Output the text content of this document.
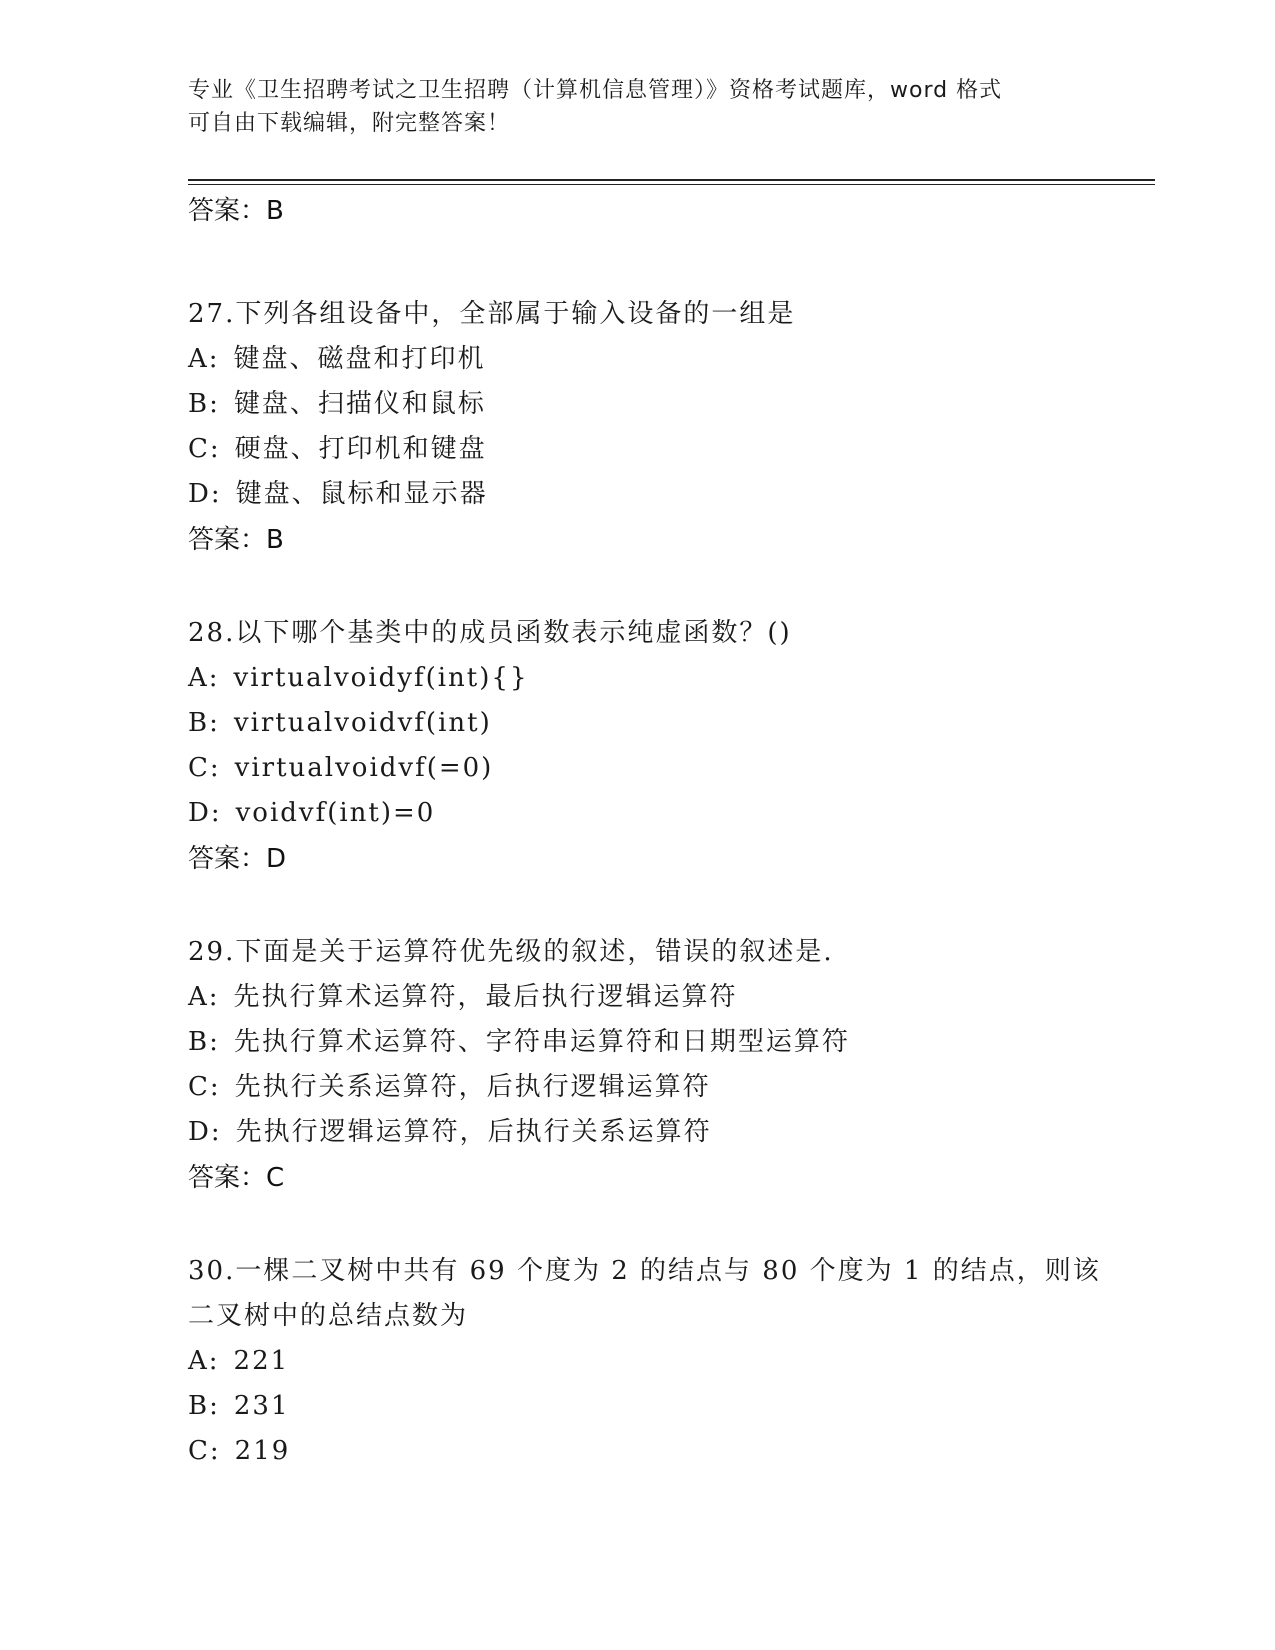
专业《卫生招聘考试之卫生招聘（计算机信息管理）》资格考试题库，word 格式
可自由下载编辑，附完整答案！
答案：B
27.下列各组设备中，全部属于输入设备的一组是
A: 键盘、磁盘和打印机
B: 键盘、扫描仪和鼠标
C: 硬盘、打印机和键盘
D: 键盘、鼠标和显示器
答案：B
28.以下哪个基类中的成员函数表示纯虚函数？()
A: virtualvoidyf(int){}
B: virtualvoidvf(int)
C: virtualvoidvf(=0)
D: voidvf(int)=0
答案：D
29.下面是关于运算符优先级的叙述，错误的叙述是.
A: 先执行算术运算符，最后执行逻辑运算符
B: 先执行算术运算符、字符串运算符和日期型运算符
C: 先执行关系运算符，后执行逻辑运算符
D: 先执行逻辑运算符，后执行关系运算符
答案：C
30.一棵二叉树中共有 69 个度为 2 的结点与 80 个度为 1 的结点，则该二叉树中的总结点数为
A: 221
B: 231
C: 219
